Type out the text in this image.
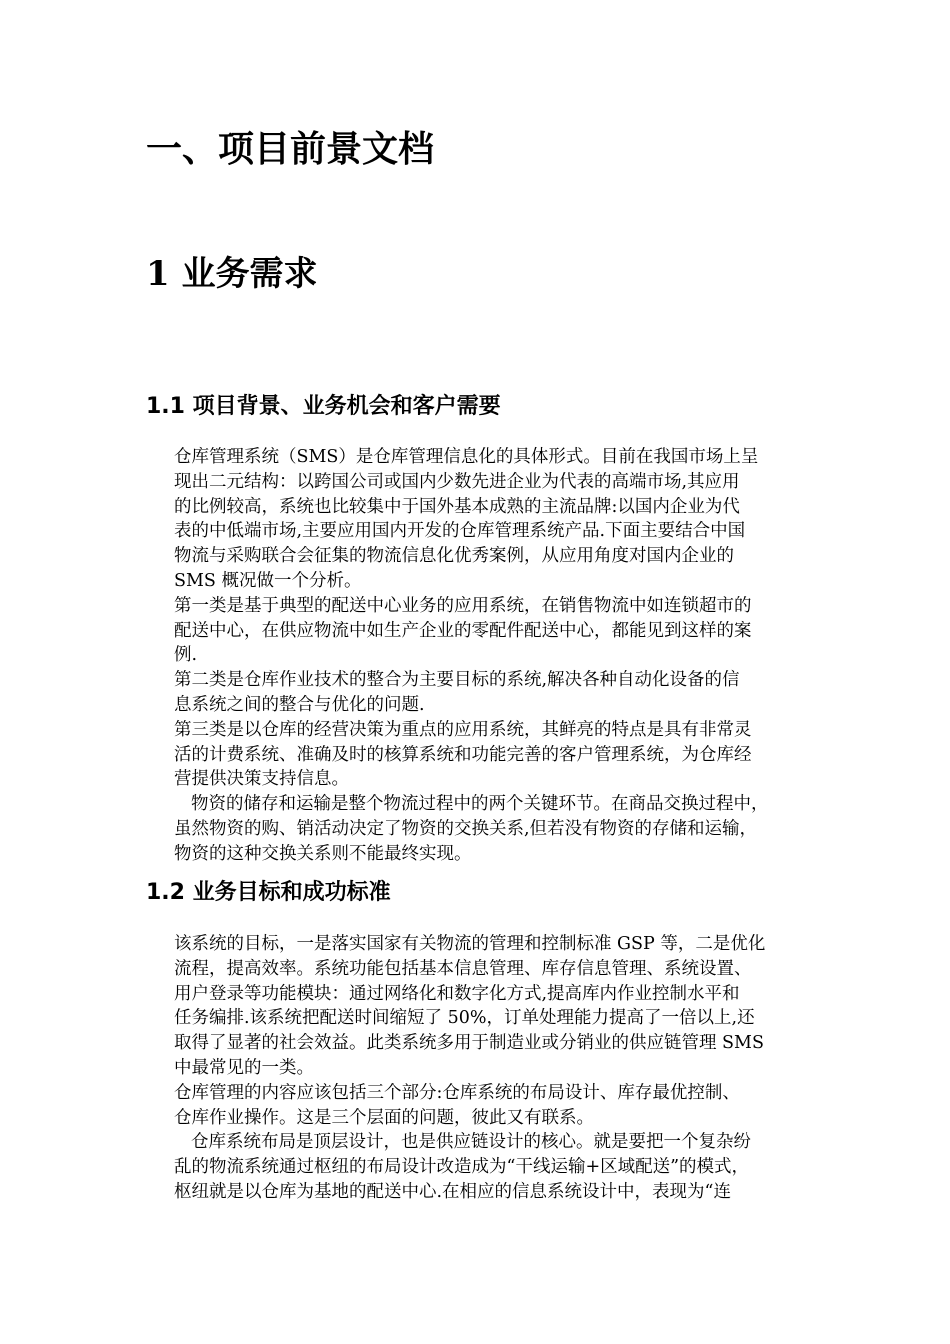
一、项目前景文档
1 业务需求
1.1 项目背景、业务机会和客户需要

仓库管理系统（SMS）是仓库管理信息化的具体形式。目前在我国市场上呈
现出二元结构：以跨国公司或国内少数先进企业为代表的高端市场,其应用
的比例较高，系统也比较集中于国外基本成熟的主流品牌:以国内企业为代
表的中低端市场,主要应用国内开发的仓库管理系统产品.下面主要结合中国
物流与采购联合会征集的物流信息化优秀案例，从应用角度对国内企业的
SMS 概况做一个分析。

第一类是基于典型的配送中心业务的应用系统，在销售物流中如连锁超市的
配送中心，在供应物流中如生产企业的零配件配送中心，都能见到这样的案
例.

第二类是仓库作业技术的整合为主要目标的系统,解决各种自动化设备的信
息系统之间的整合与优化的问题.

第三类是以仓库的经营决策为重点的应用系统，其鲜亮的特点是具有非常灵
活的计费系统、准确及时的核算系统和功能完善的客户管理系统，为仓库经
营提供决策支持信息。

物资的储存和运输是整个物流过程中的两个关键环节。在商品交换过程中，
虽然物资的购、销活动决定了物资的交换关系,但若没有物资的存储和运输，
物资的这种交换关系则不能最终实现。

1.2 业务目标和成功标准

该系统的目标，一是落实国家有关物流的管理和控制标准 GSP 等，二是优化
流程，提高效率。系统功能包括基本信息管理、库存信息管理、系统设置、
用户登录等功能模块：通过网络化和数字化方式,提高库内作业控制水平和
任务编排.该系统把配送时间缩短了 50%，订单处理能力提高了一倍以上,还
取得了显著的社会效益。此类系统多用于制造业或分销业的供应链管理 SMS
中最常见的一类。

仓库管理的内容应该包括三个部分:仓库系统的布局设计、库存最优控制、
仓库作业操作。这是三个层面的问题，彼此又有联系。

仓库系统布局是顶层设计，也是供应链设计的核心。就是要把一个复杂纷
乱的物流系统通过枢纽的布局设计改造成为“干线运输+区域配送”的模式，
枢纽就是以仓库为基地的配送中心.在相应的信息系统设计中，表现为“连
